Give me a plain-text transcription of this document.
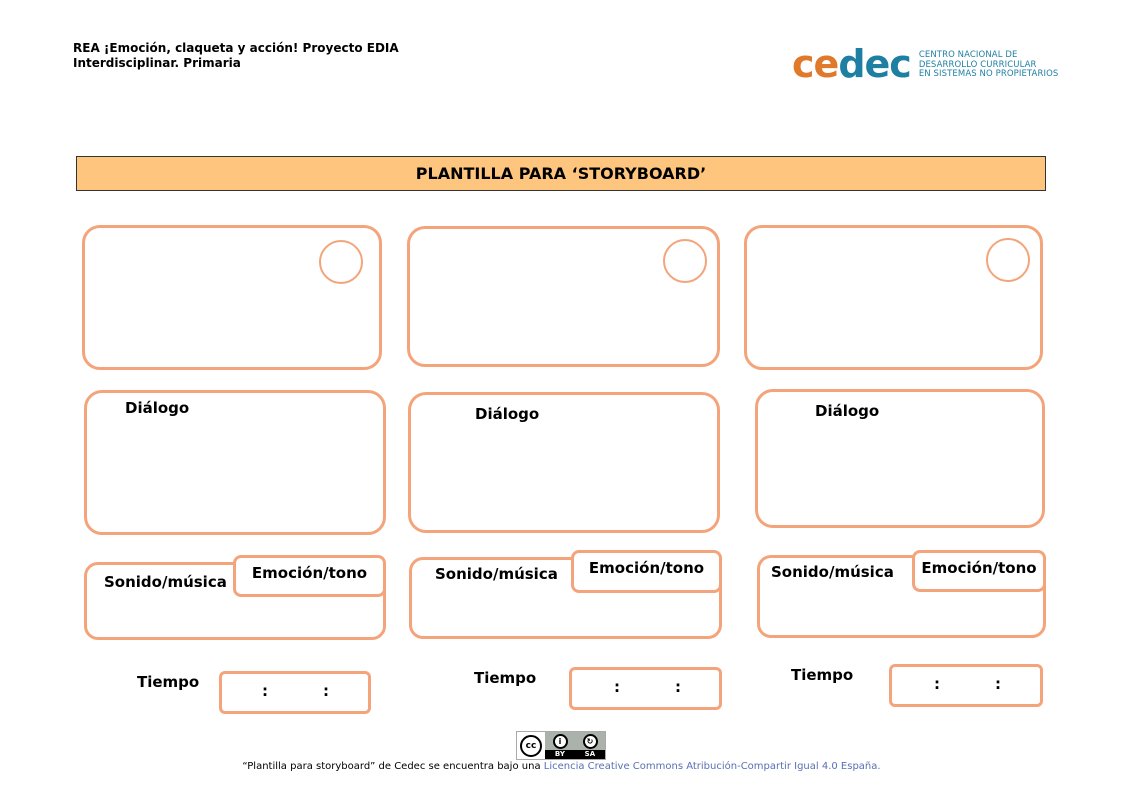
REA ¡Emoción, claqueta y acción! Proyecto EDIA
Interdisciplinar. Primaria	cedec CENTRO NACIONAL DE
DESARROLLO CURRICULAR
EN SISTEMAS NO PROPIETARIOS
PLANTILLA PARA ‘STORYBOARD’
Diálogo
Sonido/música	Emoción/tono
Tiempo	:	:
Diálogo
Sonido/música	Emoción/tono
Tiempo	:	:
Diálogo
Sonido/música	Emoción/tono
Tiempo	:	:
cc	i	↻
BY	SA
“Plantilla para storyboard” de Cedec se encuentra bajo una Licencia Creative Commons Atribución-Compartir Igual 4.0 España.
